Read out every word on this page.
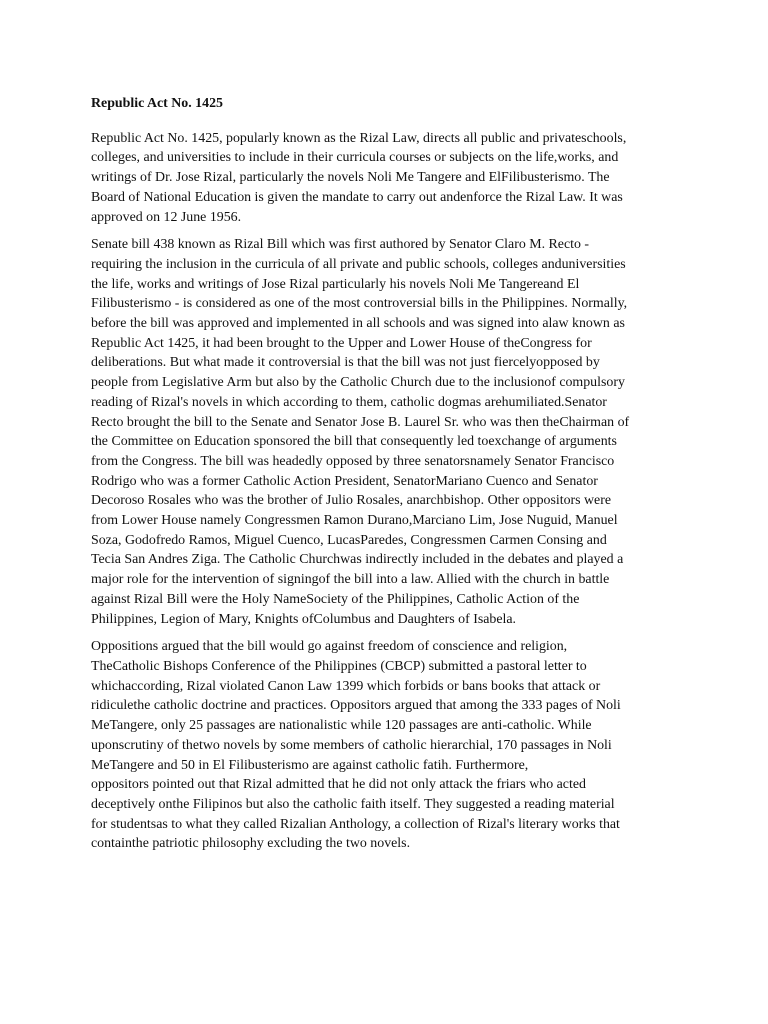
Republic Act No. 1425
Republic Act No. 1425, popularly known as the Rizal Law, directs all public and privateschools,
colleges, and universities to include in their curricula courses or subjects on the life,works, and
writings of Dr. Jose Rizal, particularly the novels Noli Me Tangere and ElFilibusterismo. The
Board of National Education is given the mandate to carry out andenforce the Rizal Law. It was
approved on 12 June 1956.
Senate bill 438 known as Rizal Bill which was first authored by Senator Claro M. Recto -
requiring the inclusion in the curricula of all private and public schools, colleges anduniversities
the life, works and writings of Jose Rizal particularly his novels Noli Me Tangereand El
Filibusterismo - is considered as one of the most controversial bills in the Philippines. Normally,
before the bill was approved and implemented in all schools and was signed into alaw known as
Republic Act 1425, it had been brought to the Upper and Lower House of theCongress for
deliberations. But what made it controversial is that the bill was not just fiercelyopposed by
people from Legislative Arm but also by the Catholic Church due to the inclusionof compulsory
reading of Rizal's novels in which according to them, catholic dogmas arehumiliated.Senator
Recto brought the bill to the Senate and Senator Jose B. Laurel Sr. who was then theChairman of
the Committee on Education sponsored the bill that consequently led toexchange of arguments
from the Congress. The bill was headedly opposed by three senatorsnamely Senator Francisco
Rodrigo who was a former Catholic Action President, SenatorMariano Cuenco and Senator
Decoroso Rosales who was the brother of Julio Rosales, anarchbishop. Other oppositors were
from Lower House namely Congressmen Ramon Durano,Marciano Lim, Jose Nuguid, Manuel
Soza, Godofredo Ramos, Miguel Cuenco, LucasParedes, Congressmen Carmen Consing and
Tecia San Andres Ziga. The Catholic Churchwas indirectly included in the debates and played a
major role for the intervention of signingof the bill into a law. Allied with the church in battle
against Rizal Bill were the Holy NameSociety of the Philippines, Catholic Action of the
Philippines, Legion of Mary, Knights ofColumbus and Daughters of Isabela.
Oppositions argued that the bill would go against freedom of conscience and religion,
TheCatholic Bishops Conference of the Philippines (CBCP) submitted a pastoral letter to
whichaccording, Rizal violated Canon Law 1399 which forbids or bans books that attack or
ridiculethe catholic doctrine and practices. Oppositors argued that among the 333 pages of Noli
MeTangere, only 25 passages are nationalistic while 120 passages are anti-catholic. While
uponscrutiny of thetwo novels by some members of catholic hierarchial, 170 passages in Noli
MeTangere and 50 in El Filibusterismo are against catholic fatih. Furthermore,
oppositors pointed out that Rizal admitted that he did not only attack the friars who acted
deceptively onthe Filipinos but also the catholic faith itself. They suggested a reading material
for studentsas to what they called Rizalian Anthology, a collection of Rizal's literary works that
containthe patriotic philosophy excluding the two novels.
